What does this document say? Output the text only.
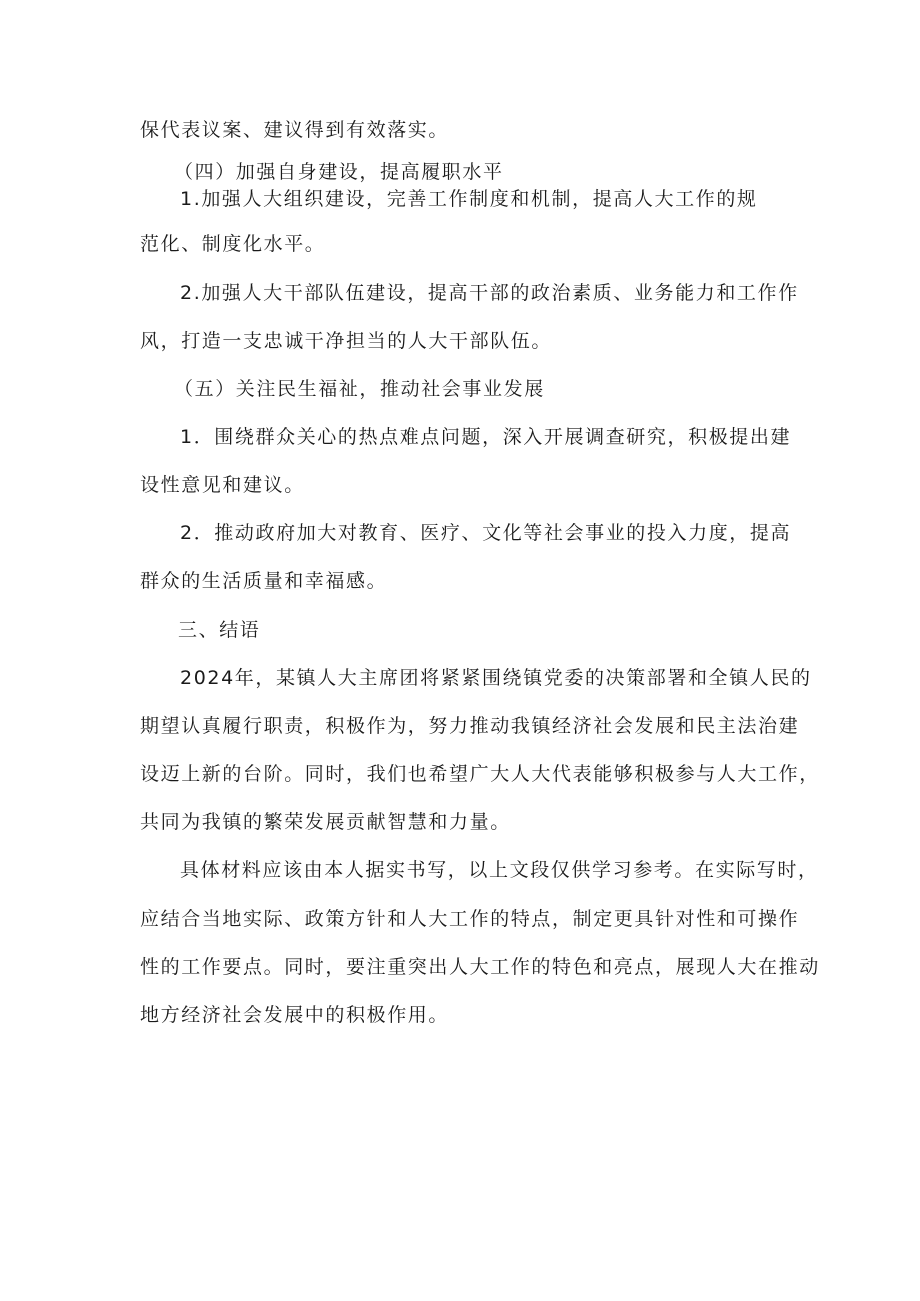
保代表议案、建议得到有效落实。

（四）加强自身建设，提高履职水平

1.加强人大组织建设，完善工作制度和机制，提高人大工作的规

范化、制度化水平。

2.加强人大干部队伍建设，提高干部的政治素质、业务能力和工作作

风，打造一支忠诚干净担当的人大干部队伍。

（五）关注民生福祉，推动社会事业发展

1．围绕群众关心的热点难点问题，深入开展调查研究，积极提出建

设性意见和建议。

2．推动政府加大对教育、医疗、文化等社会事业的投入力度，提高

群众的生活质量和幸福感。

三、结语

2024年，某镇人大主席团将紧紧围绕镇党委的决策部署和全镇人民的

期望认真履行职责，积极作为，努力推动我镇经济社会发展和民主法治建

设迈上新的台阶。同时，我们也希望广大人大代表能够积极参与人大工作，

共同为我镇的繁荣发展贡献智慧和力量。

具体材料应该由本人据实书写，以上文段仅供学习参考。在实际写时，

应结合当地实际、政策方针和人大工作的特点，制定更具针对性和可操作

性的工作要点。同时，要注重突出人大工作的特色和亮点，展现人大在推动

地方经济社会发展中的积极作用。
